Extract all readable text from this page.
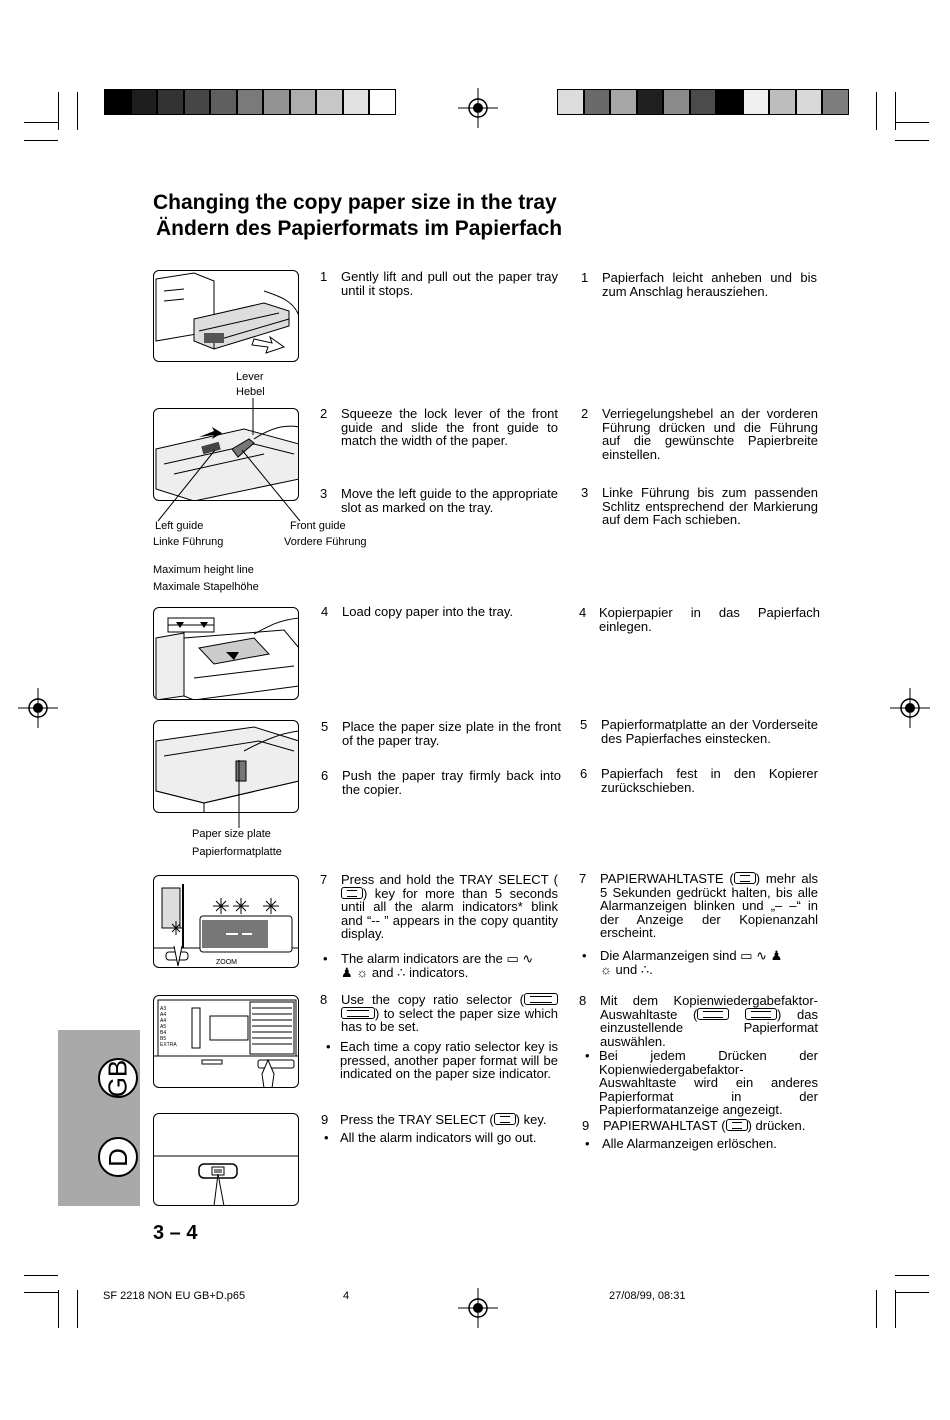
Changing the copy paper size in the tray
Ändern des Papierformats im Papierfach
Lever
Hebel
Left guide
Linke Führung
Front guide
Vordere Führung
Maximum height line
Maximale Stapelhöhe
Paper size plate
Papierformatplatte
ZOOM
A3
A4
A4
A5
B4
B5
EXTRA
1 Gently lift and pull out the paper tray until it stops.
2 Squeeze the lock lever of the front guide and slide the front guide to match the width of the paper.
3 Move the left guide to the appropriate slot as marked on the tray.
4 Load copy paper into the tray.
5 Place the paper size plate in the front of the paper tray.
6 Push the paper tray firmly back into the copier.
7 Press and hold the TRAY SELECT () key for more than 5 seconds until all the alarm indicators* blink and “-- ” appears in the copy quantity display.
• The alarm indicators are the ▭ ∿
♟ ☼ and ∴ indicators.
8 Use the copy ratio selector ( ) to select the paper size which has to be set.
• Each time a copy ratio selector key is pressed, another paper format will be indicated on the paper size indicator.
9 Press the TRAY SELECT ( ) key.
• All the alarm indicators will go out.
1 Papierfach leicht anheben und bis zum Anschlag herausziehen.
2 Verriegelungshebel an der vorderen Führung drücken und die Führung auf die gewünschte Papierbreite einstellen.
3 Linke Führung bis zum passenden Schlitz entsprechend der Markierung auf dem Fach schieben.
4 Kopierpapier in das Papierfach einlegen.
5 Papierformatplatte an der Vorderseite des Papierfaches einstecken.
6 Papierfach fest in den Kopierer zurückschieben.
7 PAPIERWAHLTASTE ( ) mehr als 5 Sekunden gedrückt halten, bis alle Alarmanzeigen blinken und „– –“ in der Anzeige der Kopienanzahl erscheint.
• Die Alarmanzeigen sind ▭ ∿ ♟
☼ und ∴.
8 Mit dem Kopienwiedergabefaktor-Auswahltaste (	) das einzustellende Papierformat auswählen.
• Bei jedem Drücken der Kopienwiedergabefaktor-Auswahltaste wird ein anderes Papierformat in der Papierformatanzeige angezeigt.
9 PAPIERWAHLTAST ( ) drücken.
• Alle Alarmanzeigen erlöschen.
GB
D
3 – 4
SF 2218 NON EU GB+D.p65	4	27/08/99, 08:31
